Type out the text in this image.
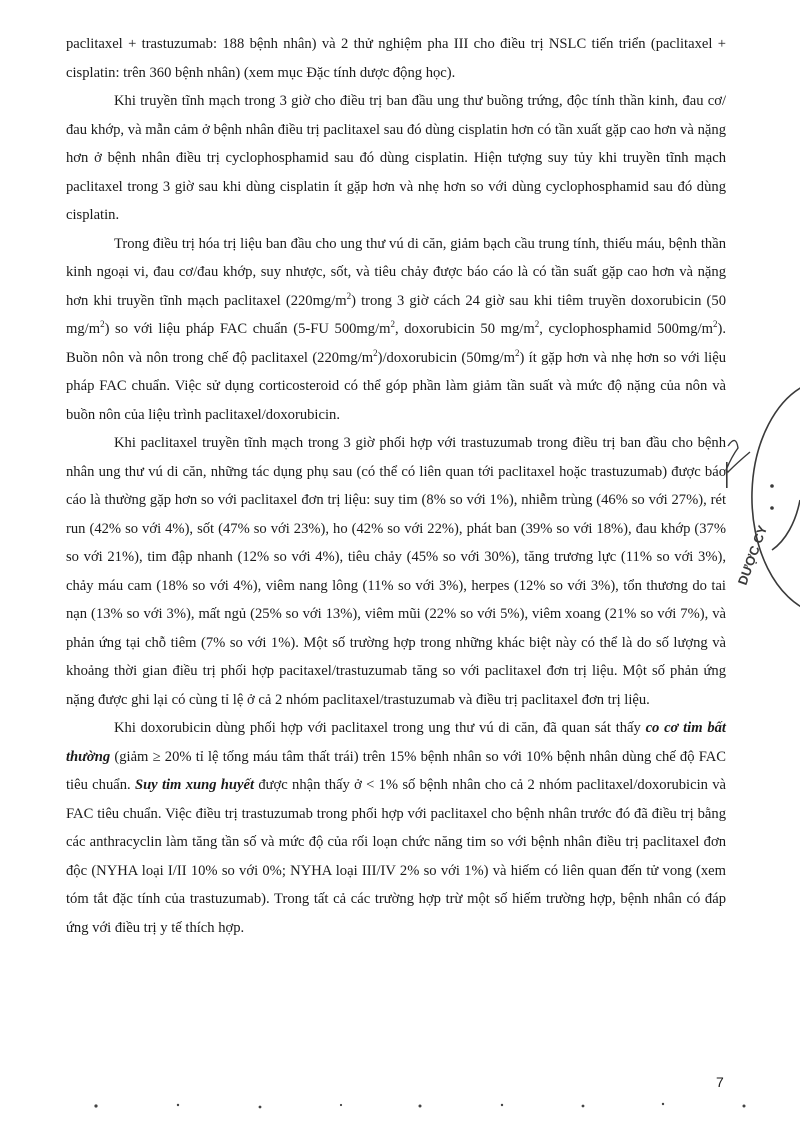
paclitaxel + trastuzumab: 188 bệnh nhân) và 2 thử nghiệm pha III cho điều trị NSLC tiến triển (paclitaxel + cisplatin: trên 360 bệnh nhân) (xem mục Đặc tính dược động học).

Khi truyền tĩnh mạch trong 3 giờ cho điều trị ban đầu ung thư buồng trứng, độc tính thần kinh, đau cơ/đau khớp, và mẫn cảm ở bệnh nhân điều trị paclitaxel sau đó dùng cisplatin hơn có tần xuất gặp cao hơn và nặng hơn ở bệnh nhân điều trị cyclophosphamid sau đó dùng cisplatin. Hiện tượng suy tủy khi truyền tĩnh mạch paclitaxel trong 3 giờ sau khi dùng cisplatin ít gặp hơn và nhẹ hơn so với dùng cyclophosphamid sau đó dùng cisplatin.

Trong điều trị hóa trị liệu ban đầu cho ung thư vú di căn, giảm bạch cầu trung tính, thiếu máu, bệnh thần kinh ngoại vi, đau cơ/đau khớp, suy nhược, sốt, và tiêu chảy được báo cáo là có tần suất gặp cao hơn và nặng hơn khi truyền tĩnh mạch paclitaxel $(220mg/m^2)$ trong 3 giờ cách 24 giờ sau khi tiêm truyền doxorubicin (50 $mg/m^2$) so với liệu pháp FAC chuẩn (5-FU $500mg/m^2$, doxorubicin 50 $mg/m^2$, cyclophosphamid $500mg/m^2$). Buồn nôn và nôn trong chế độ paclitaxel $(220mg/m^2)$/doxorubicin $(50mg/m^2)$ ít gặp hơn và nhẹ hơn so với liệu pháp FAC chuẩn. Việc sử dụng corticosteroid có thể góp phần làm giảm tần suất và mức độ nặng của nôn và buồn nôn của liệu trình paclitaxel/doxorubicin.

Khi paclitaxel truyền tĩnh mạch trong 3 giờ phối hợp với trastuzumab trong điều trị ban đầu cho bệnh nhân ung thư vú di căn, những tác dụng phụ sau (có thể có liên quan tới paclitaxel hoặc trastuzumab) được báo cáo là thường gặp hơn so với paclitaxel đơn trị liệu: suy tim (8% so với 1%), nhiễm trùng (46% so với 27%), rét run (42% so với 4%), sốt (47% so với 23%), ho (42% so với 22%), phát ban (39% so với 18%), đau khớp (37% so với 21%), tim đập nhanh (12% so với 4%), tiêu chảy (45% so với 30%), tăng trương lực (11% so với 3%), chảy máu cam (18% so với 4%), viêm nang lông (11% so với 3%), herpes (12% so với 3%), tổn thương do tai nạn (13% so với 3%), mất ngủ (25% so với 13%), viêm mũi (22% so với 5%), viêm xoang (21% so với 7%), và phản ứng tại chỗ tiêm (7% so với 1%). Một số trường hợp trong những khác biệt này có thể là do số lượng và khoảng thời gian điều trị phối hợp pacitaxel/trastuzumab tăng so với paclitaxel đơn trị liệu. Một số phản ứng nặng được ghi lại có cùng tỉ lệ ở cả 2 nhóm paclitaxel/trastuzumab và điều trị paclitaxel đơn trị liệu.

Khi doxorubicin dùng phối hợp với paclitaxel trong ung thư vú di căn, đã quan sát thấy co cơ tim bất thường (giảm ≥ 20% tỉ lệ tống máu tâm thất trái) trên 15% bệnh nhân so với 10% bệnh nhân dùng chế độ FAC tiêu chuẩn. Suy tim xung huyết được nhận thấy ở < 1% số bệnh nhân cho cả 2 nhóm paclitaxel/doxorubicin và FAC tiêu chuẩn. Việc điều trị trastuzumab trong phối hợp với paclitaxel cho bệnh nhân trước đó đã điều trị bằng các anthracyclin làm tăng tần số và mức độ của rối loạn chức năng tim so với bệnh nhân điều trị paclitaxel đơn độc (NYHA loại I/II 10% so với 0%; NYHA loại III/IV 2% so với 1%) và hiếm có liên quan đến tử vong (xem tóm tắt đặc tính của trastuzumab). Trong tất cả các trường hợp trừ một số hiếm trường hợp, bệnh nhân có đáp ứng với điều trị y tế thích hợp.

7
DƯỢC CY
